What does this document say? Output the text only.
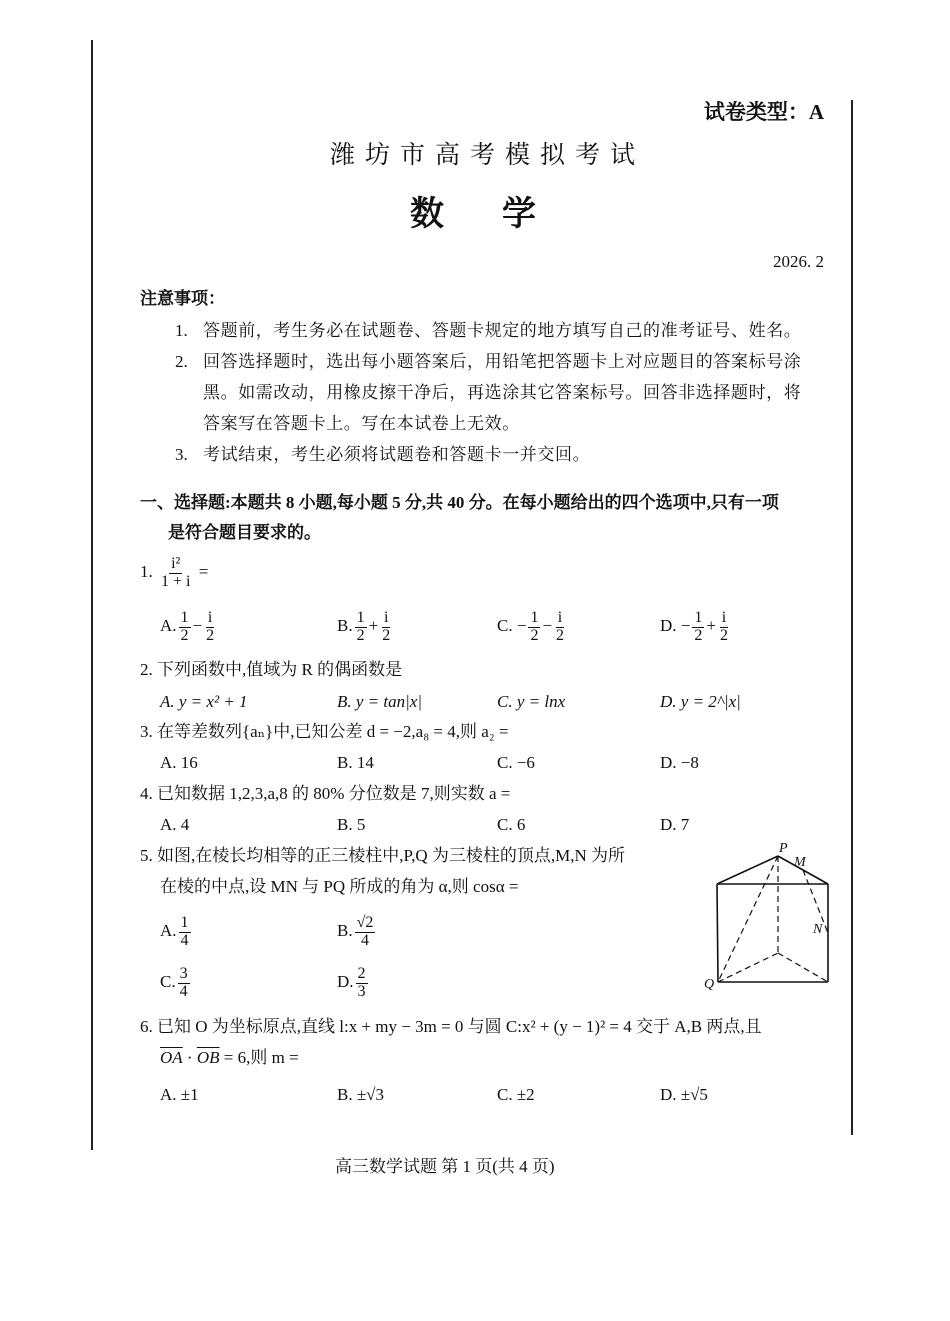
试卷类型：A
潍坊市高考模拟考试
数　学
2026. 2
注意事项：
1. 答题前，考生务必在试题卷、答题卡规定的地方填写自己的准考证号、姓名。
2. 回答选择题时，选出每小题答案后，用铅笔把答题卡上对应题目的答案标号涂
黑。如需改动，用橡皮擦干净后，再选涂其它答案标号。回答非选择题时，将
答案写在答题卡上。写在本试卷上无效。
3. 考试结束，考生必须将试题卷和答题卡一并交回。
一、选择题:本题共 8 小题,每小题 5 分,共 40 分。在每小题给出的四个选项中,只有一项
是符合题目要求的。
1. $\frac{\text{i²}}{1 + i}$ =
A. $\frac{1}{2} - \frac{i}{2}$	B. $\frac{1}{2} + \frac{i}{2}$	C. − $\frac{1}{2} - \frac{i}{2}$	D. − $\frac{1}{2} + \frac{i}{2}$
2. 下列函数中,值域为 R 的偶函数是
A. y = x² + 1	B. y = tan|x|	C. y = lnx	D. y = 2^|x|
3. 在等差数列{aₙ}中,已知公差 d = −2,a₈ = 4,则 a₂ =
A. 16	B. 14	C. −6	D. −8
4. 已知数据 1,2,3,a,8 的 80% 分位数是 7,则实数 a =
A. 4	B. 5	C. 6	D. 7
5. 如图,在棱长均相等的正三棱柱中,P,Q 为三棱柱的顶点,M,N 为所
在棱的中点,设 MN 与 PQ 所成的角为 α,则 cosα =
A. $\frac{1}{4}$	B. $\frac{√2}{4}$
C. $\frac{3}{4}$	D. $\frac{2}{3}$
P
M
N
Q
6. 已知 O 为坐标原点,直线 l:x + my − 3m = 0 与圆 C:x² + (y − 1)² = 4 交于 A,B 两点,且
$\overline{OA} \cdot \overline{OB} = 6$,则 m =
A. ±1	B. ±√3	C. ±2	D. ±√5
高三数学试题 第 1 页(共 4 页)
